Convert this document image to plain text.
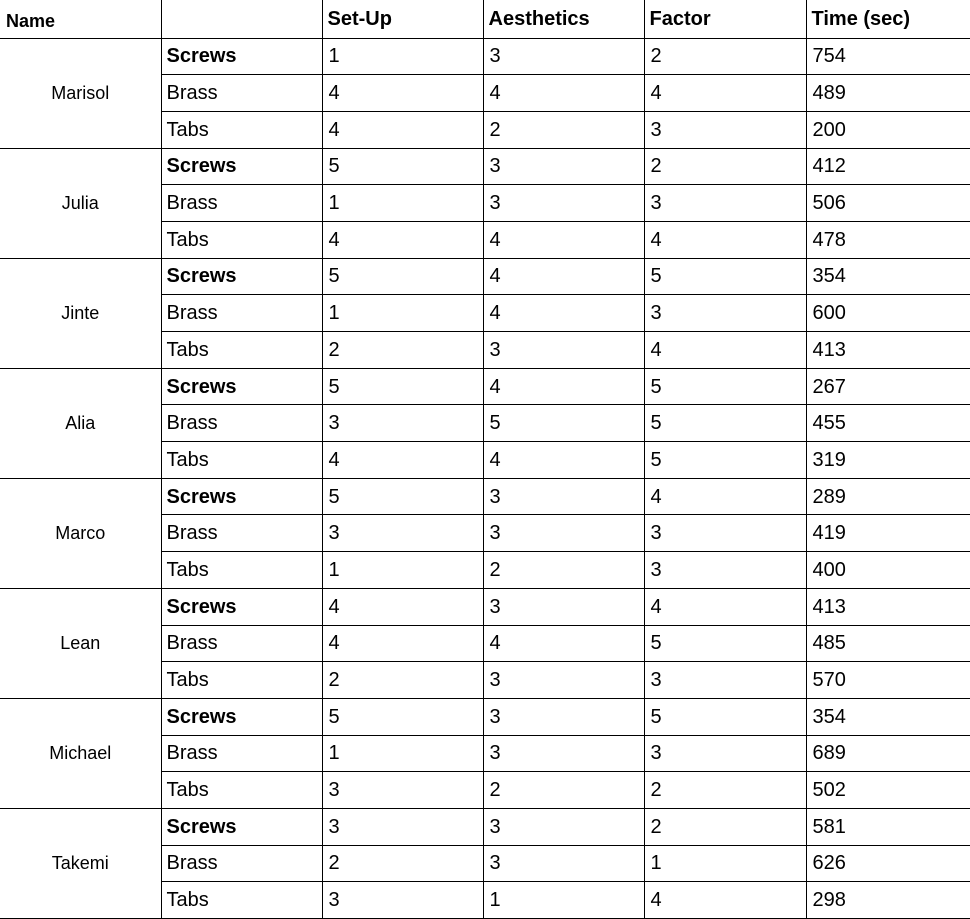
Name		Set-Up	Aesthetics	Factor	Time (sec)
Marisol	Screws	1	3	2	754
	Brass	4	4	4	489
	Tabs	4	2	3	200
Julia	Screws	5	3	2	412
	Brass	1	3	3	506
	Tabs	4	4	4	478
Jinte	Screws	5	4	5	354
	Brass	1	4	3	600
	Tabs	2	3	4	413
Alia	Screws	5	4	5	267
	Brass	3	5	5	455
	Tabs	4	4	5	319
Marco	Screws	5	3	4	289
	Brass	3	3	3	419
	Tabs	1	2	3	400
Lean	Screws	4	3	4	413
	Brass	4	4	5	485
	Tabs	2	3	3	570
Michael	Screws	5	3	5	354
	Brass	1	3	3	689
	Tabs	3	2	2	502
Takemi	Screws	3	3	2	581
	Brass	2	3	1	626
	Tabs	3	1	4	298
